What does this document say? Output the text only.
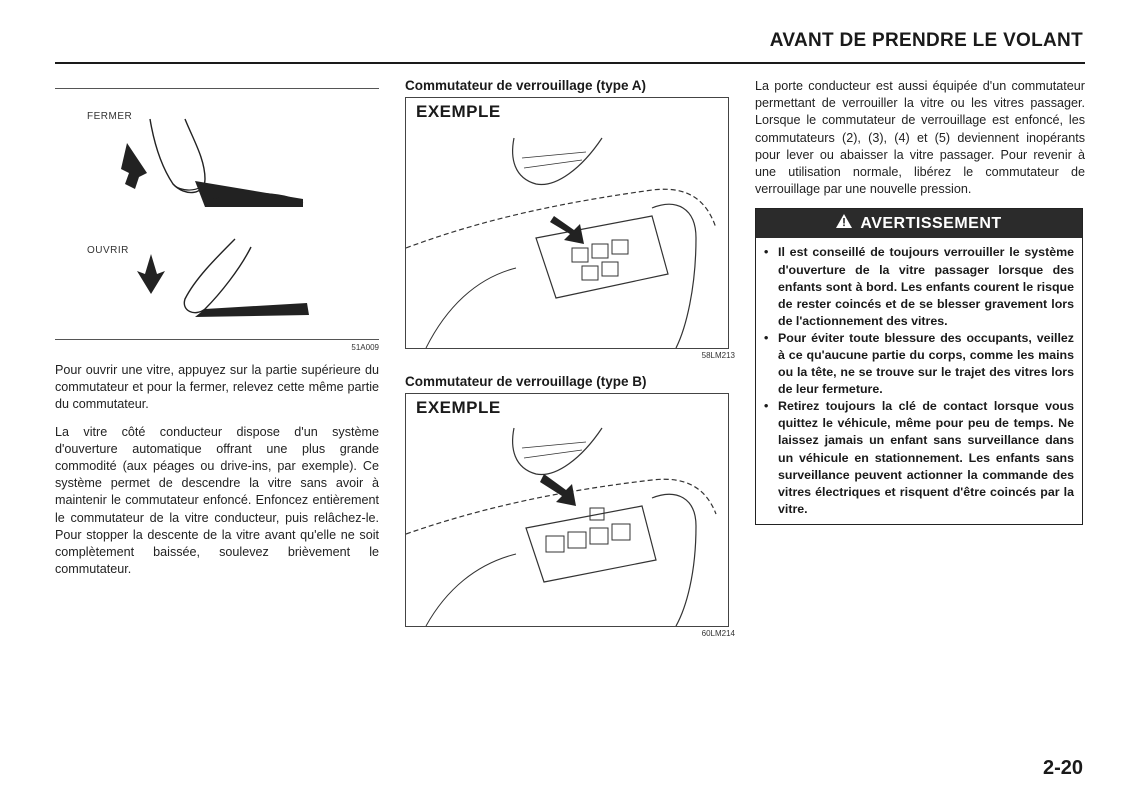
AVANT DE PRENDRE LE VOLANT
FERMER
OUVRIR
51A009

Pour ouvrir une vitre, appuyez sur la partie supérieure du commutateur et pour la fermer, relevez cette même partie du commutateur.

La vitre côté conducteur dispose d'un système d'ouverture automatique offrant une plus grande commodité (aux péages ou drive-ins, par exemple). Ce système permet de descendre la vitre sans avoir à maintenir le commutateur enfoncé. Enfoncez entièrement le commutateur de la vitre conducteur, puis relâchez-le. Pour stopper la descente de la vitre avant qu'elle ne soit complètement baissée, soulevez brièvement le commutateur.

Commutateur de verrouillage (type A)
EXEMPLE
58LM213
Commutateur de verrouillage (type B)
EXEMPLE
60LM214

La porte conducteur est aussi équipée d'un commutateur permettant de verrouiller la vitre ou les vitres passager. Lorsque le commutateur de verrouillage est enfoncé, les commutateurs (2), (3), (4) et (5) deviennent inopérants pour lever ou abaisser la vitre passager. Pour revenir à une utilisation normale, libérez le commutateur de verrouillage par une nouvelle pression.

AVERTISSEMENT
• Il est conseillé de toujours verrouiller le système d'ouverture de la vitre passager lorsque des enfants sont à bord. Les enfants courent le risque de rester coincés et de se blesser gravement lors de l'actionnement des vitres.
• Pour éviter toute blessure des occupants, veillez à ce qu'aucune partie du corps, comme les mains ou la tête, ne se trouve sur le trajet des vitres lors de leur fermeture.
• Retirez toujours la clé de contact lorsque vous quittez le véhicule, même pour peu de temps. Ne laissez jamais un enfant sans surveillance dans un véhicule en stationnement. Les enfants sans surveillance peuvent actionner la commande des vitres électriques et risquent d'être coincés par la vitre.
2-20
